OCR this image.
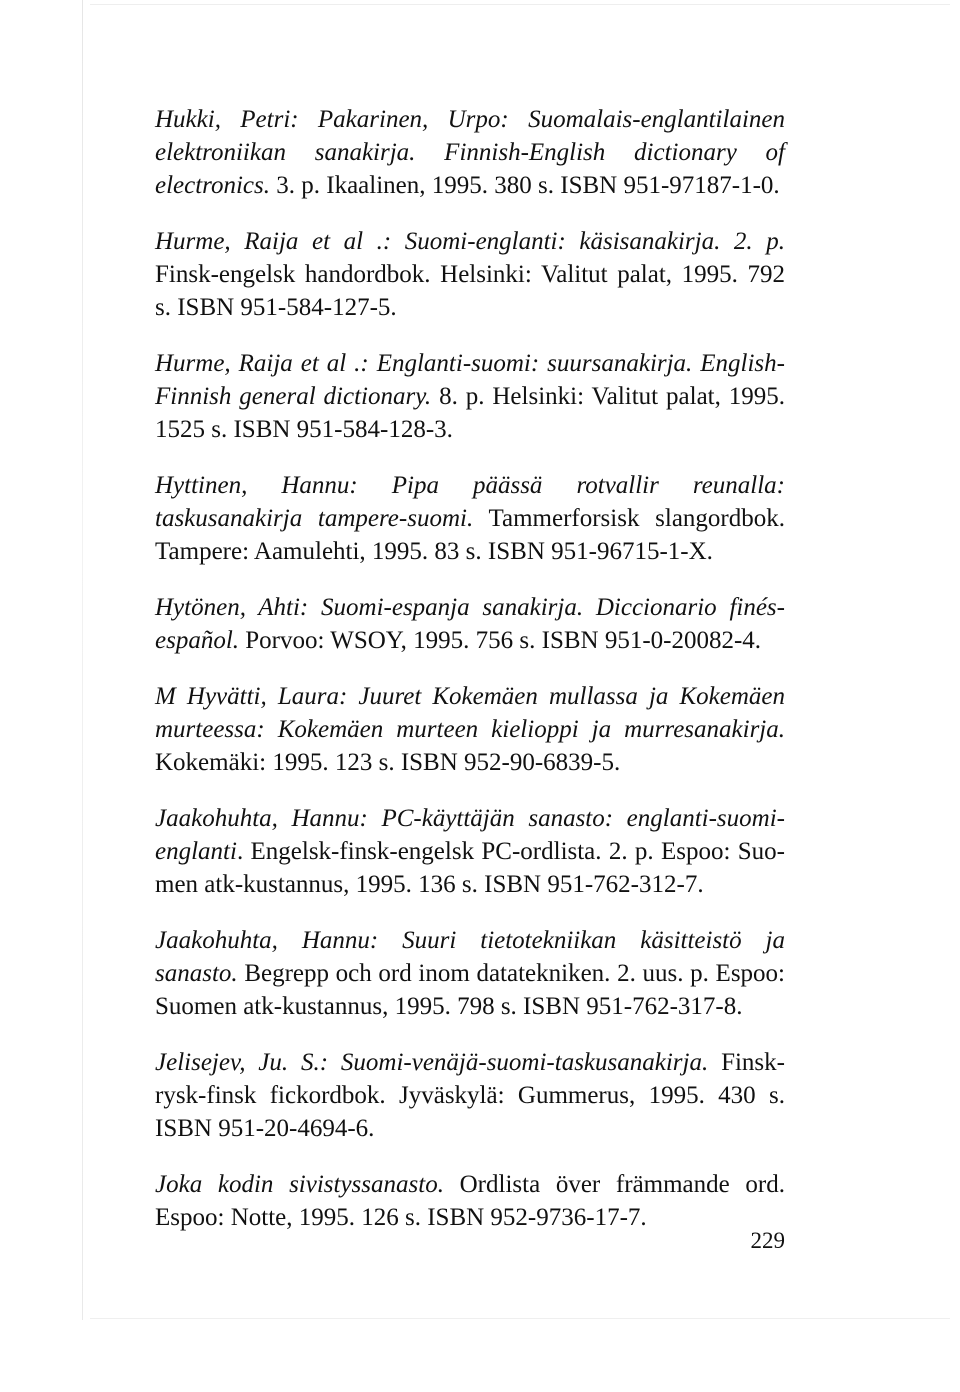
Hukki, Petri: Pakarinen, Urpo: Suomalais-englantilainen elektroniikan sanakirja. Finnish-English dictionary of electronics. 3. p. Ikaalinen, 1995. 380 s. ISBN 951-97187-1-0.

Hurme, Raija et al .: Suomi-englanti: käsisanakirja. 2. p. Finsk-engelsk handordbok. Helsinki: Valitut palat, 1995. 792 s. ISBN 951-584-127-5.

Hurme, Raija et al .: Englanti-suomi: suursanakirja. English-Finnish general dictionary. 8. p. Helsinki: Valitut palat, 1995. 1525 s. ISBN 951-584-128-3.

Hyttinen, Hannu: Pipa päässä rotvallir reunalla: taskusanakirja tampere-suomi. Tammerforsisk slangordbok. Tampere: Aamulehti, 1995. 83 s. ISBN 951-96715-1-X.

Hytönen, Ahti: Suomi-espanja sanakirja. Diccionario finés-español. Porvoo: WSOY, 1995. 756 s. ISBN 951-0-20082-4.

M Hyvätti, Laura: Juuret Kokemäen mullassa ja Kokemäen murteessa: Kokemäen murteen kielioppi ja murresanakirja. Kokemäki: 1995. 123 s. ISBN 952-90-6839-5.

Jaakohuhta, Hannu: PC-käyttäjän sanasto: englanti-suomi-englanti. Engelsk-finsk-engelsk PC-ordlista. 2. p. Espoo: Suomen atk-kustannus, 1995. 136 s. ISBN 951-762-312-7.

Jaakohuhta, Hannu: Suuri tietotekniikan käsitteistö ja sanasto. Begrepp och ord inom datatekniken. 2. uus. p. Espoo: Suomen atk-kustannus, 1995. 798 s. ISBN 951-762-317-8.

Jelisejev, Ju. S.: Suomi-venäjä-suomi-taskusanakirja. Finsk-rysk-finsk fickordbok. Jyväskylä: Gummerus, 1995. 430 s. ISBN 951-20-4694-6.

Joka kodin sivistyssanasto. Ordlista över främmande ord. Espoo: Notte, 1995. 126 s. ISBN 952-9736-17-7.

229
